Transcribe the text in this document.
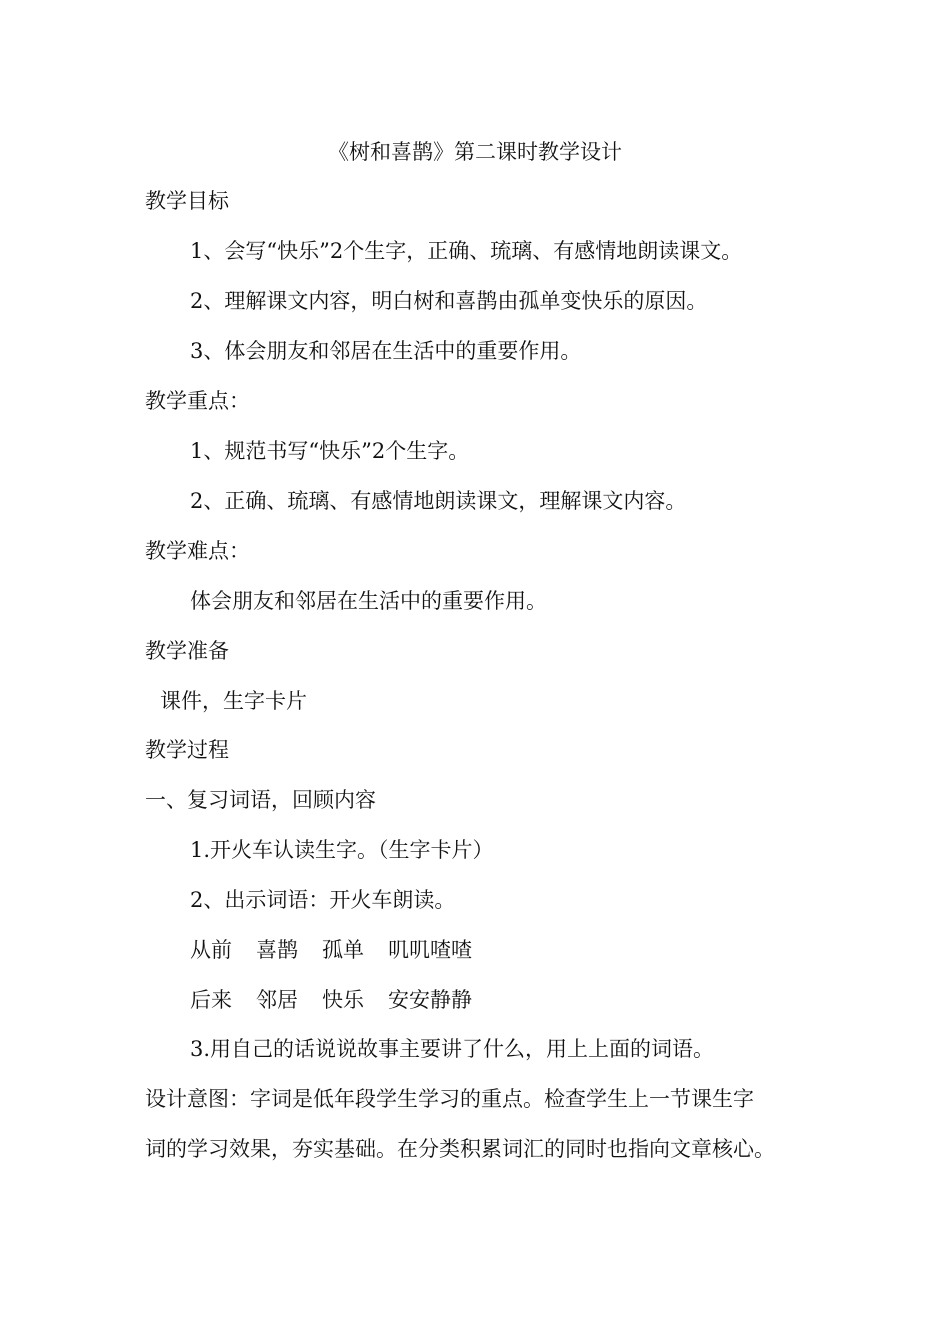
《树和喜鹊》第二课时教学设计
教学目标
1、会写“快乐”2个生字，正确、琉璃、有感情地朗读课文。
2、理解课文内容，明白树和喜鹊由孤单变快乐的原因。
3、体会朋友和邻居在生活中的重要作用。
教学重点：
1、规范书写“快乐”2个生字。
2、正确、琉璃、有感情地朗读课文，理解课文内容。
教学难点：
体会朋友和邻居在生活中的重要作用。
教学准备
课件，生字卡片
教学过程
一、复习词语，回顾内容
1.开火车认读生字。（生字卡片）
2、出示词语：开火车朗读。
从前 喜鹊 孤单 叽叽喳喳
后来 邻居 快乐 安安静静
3.用自己的话说说故事主要讲了什么，用上上面的词语。
设计意图：字词是低年段学生学习的重点。检查学生上一节课生字
词的学习效果，夯实基础。在分类积累词汇的同时也指向文章核心。
